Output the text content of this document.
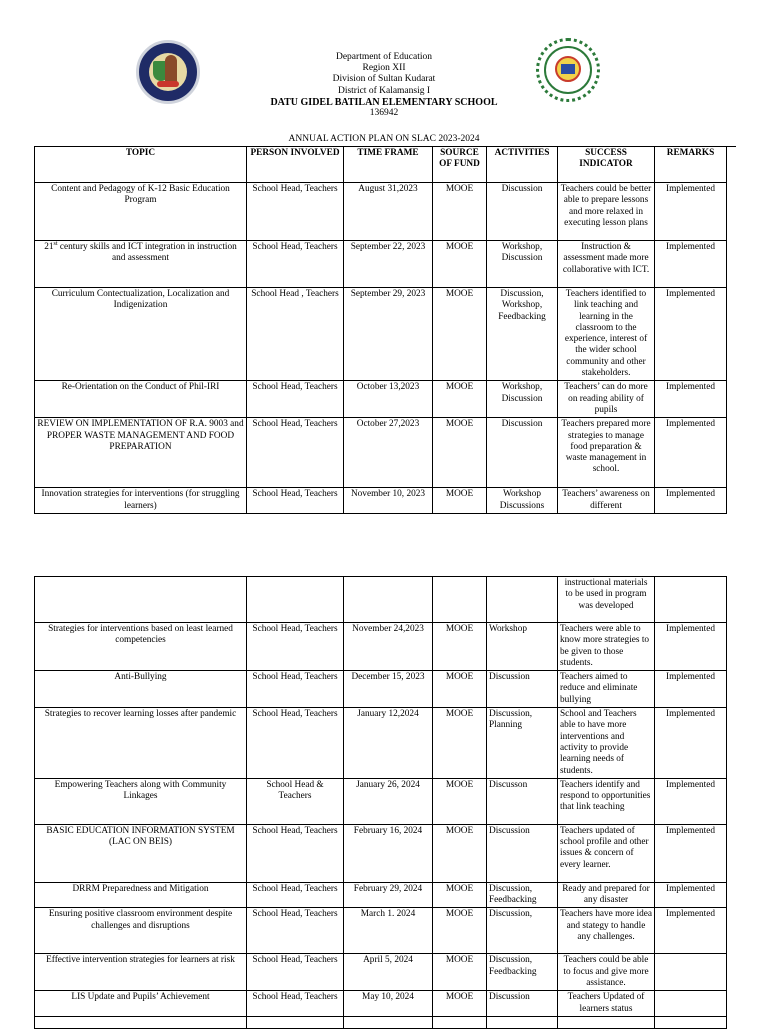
Department of Education
Region XII
Division of Sultan Kudarat
District of Kalamansig I
DATU GIDEL BATILAN ELEMENTARY SCHOOL
136942
ANNUAL ACTION PLAN ON SLAC 2023-2024
TOPIC	PERSON INVOLVED	TIME FRAME	SOURCE OF FUND	ACTIVITIES	SUCCESS INDICATOR	REMARKS
Content and Pedagogy of K-12 Basic Education Program	School Head, Teachers	August 31,2023	MOOE	Discussion	Teachers could be better able to prepare lessons and more relaxed in executing lesson plans	Implemented
21st century skills and ICT integration in instruction and assessment	School Head, Teachers	September 22, 2023	MOOE	Workshop, Discussion	Instruction & assessment made more collaborative with ICT.	Implemented
Curriculum Contectualization, Localization and Indigenization	School Head , Teachers	September 29, 2023	MOOE	Discussion, Workshop, Feedbacking	Teachers identified to link teaching and learning in the classroom to the experience, interest of the wider school community and other stakeholders.	Implemented
Re-Orientation on the Conduct of Phil-IRI	School Head, Teachers	October 13,2023	MOOE	Workshop, Discussion	Teachers’ can do more on reading ability of pupils	Implemented
REVIEW ON IMPLEMENTATION OF R.A. 9003 and PROPER WASTE MANAGEMENT AND FOOD PREPARATION	School Head, Teachers	October 27,2023	MOOE	Discussion	Teachers prepared more strategies to manage food preparation & waste management in school.	Implemented
Innovation strategies for interventions (for struggling learners)	School Head, Teachers	November 10, 2023	MOOE	Workshop Discussions	Teachers’ awareness on different	Implemented
					instructional materials to be used in program was developed	
Strategies for interventions based on least learned competencies	School Head, Teachers	November 24,2023	MOOE	Workshop	Teachers were able to know more strategies to be given to those students.	Implemented
Anti-Bullying	School Head, Teachers	December 15, 2023	MOOE	Discussion	Teachers aimed to reduce and eliminate bullying	Implemented
Strategies to recover learning losses after pandemic	School Head, Teachers	January 12,2024	MOOE	Discussion, Planning	School and Teachers able to have more interventions and activity to provide learning needs of students.	Implemented
Empowering Teachers along with Community Linkages	School Head & Teachers	January 26, 2024	MOOE	Discusson	Teachers identify and respond to opportunities that link teaching	Implemented
BASIC EDUCATION INFORMATION SYSTEM (LAC ON BEIS)	School Head, Teachers	February 16, 2024	MOOE	Discussion	Teachers updated of school profile and other issues & concern of every learner.	Implemented
DRRM Preparedness and Mitigation	School Head, Teachers	February 29, 2024	MOOE	Discussion, Feedbacking	Ready and prepared for any disaster	Implemented
Ensuring positive classroom environment despite challenges and disruptions	School Head, Teachers	March 1. 2024	MOOE	Discussion,	Teachers have more idea and stategy to handle any challenges.	Implemented
Effective intervention strategies for learners at risk	School Head, Teachers	April 5, 2024	MOOE	Discussion, Feedbacking	Teachers could be able to focus and give more assistance.	
LIS Update and Pupils’ Achievement	School Head, Teachers	May 10, 2024	MOOE	Discussion	Teachers Updated of learners status	
